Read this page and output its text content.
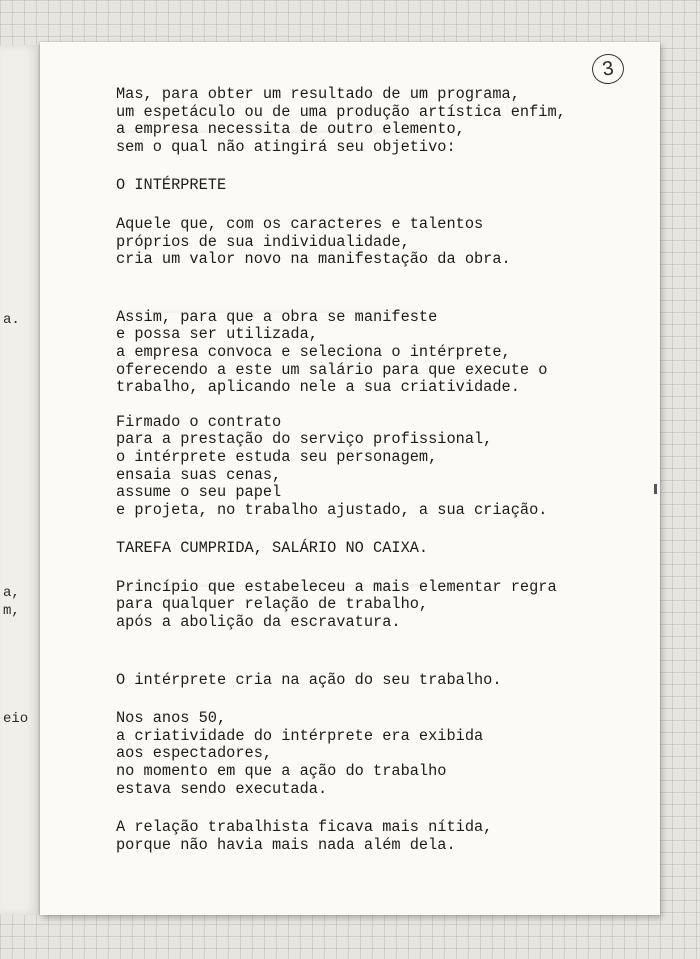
a.
a,
m,
eio
3
Mas, para obter um resultado de um programa,
um espetáculo ou de uma produção artística enfim,
a empresa necessita de outro elemento,
sem o qual não atingirá seu objetivo:
O INTÉRPRETE
Aquele que, com os caracteres e talentos
próprios de sua individualidade,
cria um valor novo na manifestação da obra.
Assim, para que a obra se manifeste
e possa ser utilizada,
a empresa convoca e seleciona o intérprete,
oferecendo a este um salário para que execute o
trabalho, aplicando nele a sua criatividade.
Firmado o contrato
para a prestação do serviço profissional,
o intérprete estuda seu personagem,
ensaia suas cenas,
assume o seu papel
e projeta, no trabalho ajustado, a sua criação.
TAREFA CUMPRIDA, SALÁRIO NO CAIXA.
Princípio que estabeleceu a mais elementar regra
para qualquer relação de trabalho,
após a abolição da escravatura.
O intérprete cria na ação do seu trabalho.
Nos anos 50,
a criatividade do intérprete era exibida
aos espectadores,
no momento em que a ação do trabalho
estava sendo executada.
A relação trabalhista ficava mais nítida,
porque não havia mais nada além dela.
